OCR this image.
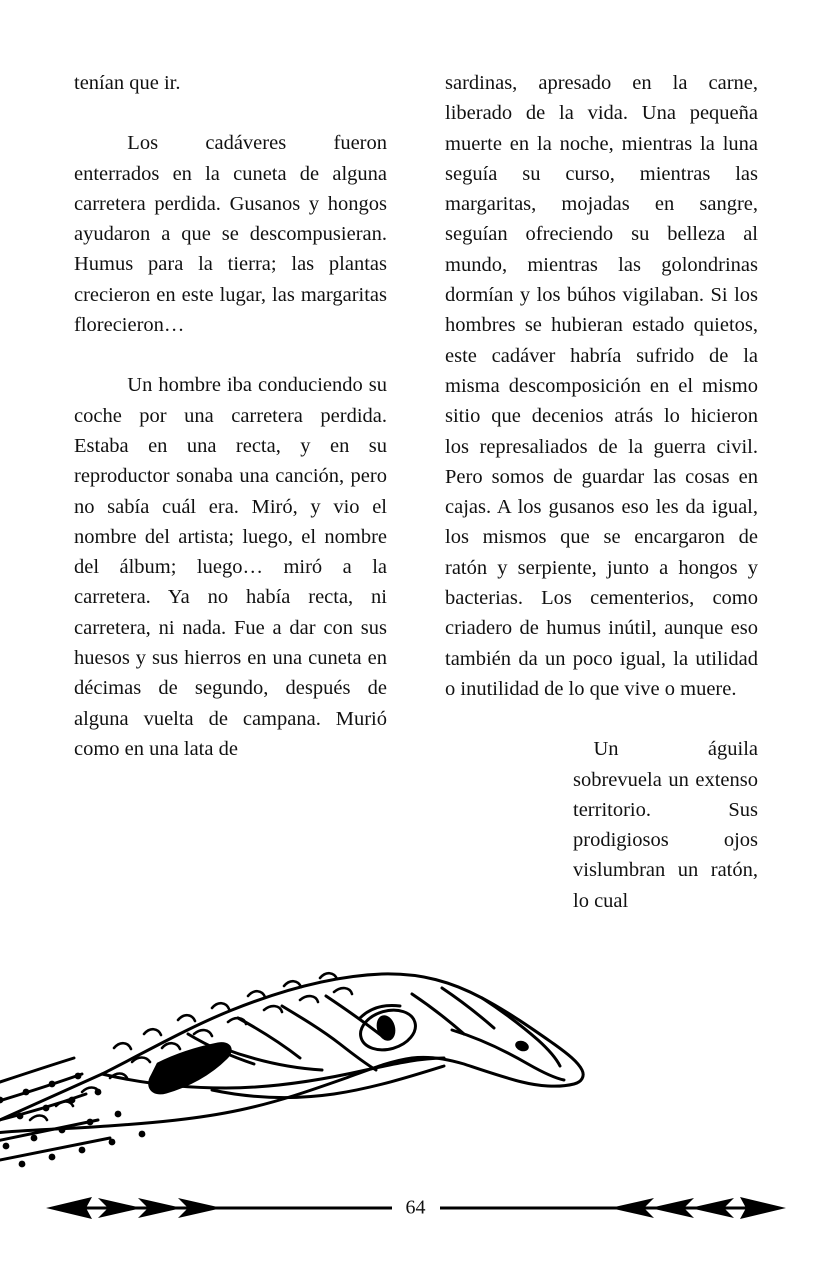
tenían que ir.

Los cadáveres fueron enterrados en la cuneta de alguna carretera perdida. Gusanos y hongos ayudaron a que se descompusieran. Humus para la tierra; las plantas crecieron en este lugar, las margaritas florecieron…

Un hombre iba conduciendo su coche por una carretera perdida. Estaba en una recta, y en su reproductor sonaba una canción, pero no sabía cuál era. Miró, y vio el nombre del artista; luego, el nombre del álbum; luego… miró a la carretera. Ya no había recta, ni carretera, ni nada. Fue a dar con sus huesos y sus hierros en una cuneta en décimas de segundo, después de alguna vuelta de campana. Murió como en una lata de

sardinas, apresado en la carne, liberado de la vida. Una pequeña muerte en la noche, mientras la luna seguía su curso, mientras las margaritas, mojadas en sangre, seguían ofreciendo su belleza al mundo, mientras las golondrinas dormían y los búhos vigilaban. Si los hombres se hubieran estado quietos, este cadáver habría sufrido de la misma descomposición en el mismo sitio que decenios atrás lo hicieron los represaliados de la guerra civil. Pero somos de guardar las cosas en cajas. A los gusanos eso les da igual, los mismos que se encargaron de ratón y serpiente, junto a hongos y bacterias. Los cementerios, como criadero de humus inútil, aunque eso también da un poco igual, la utilidad o inutilidad de lo que vive o muere.

Un águila sobrevuela un extenso territorio. Sus prodigiosos ojos vislumbran un ratón, lo cual

64
